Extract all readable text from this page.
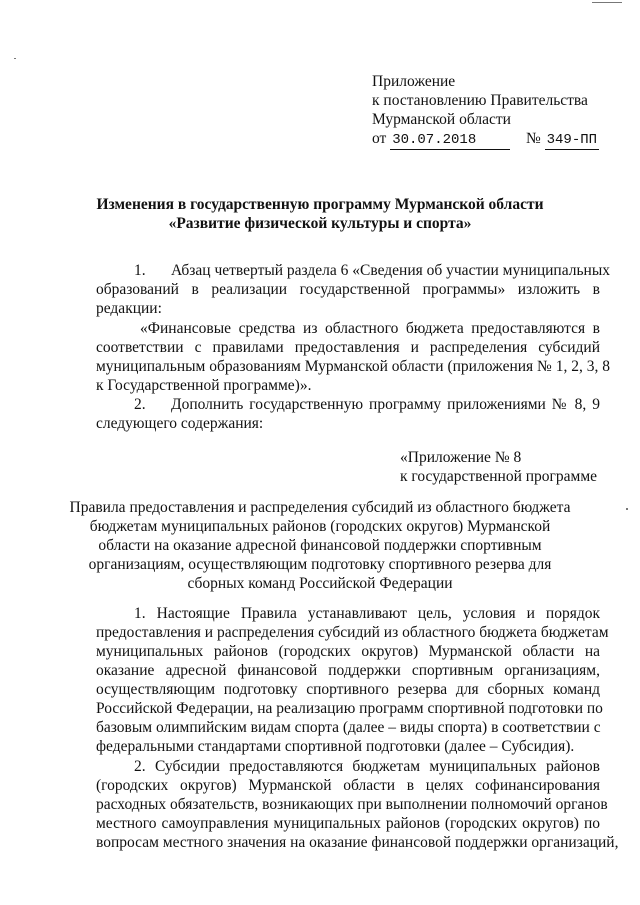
Приложение
к постановлению Правительства
Мурманской области
от 30.07.2018	№ 349-ПП
Изменения в государственную программу Мурманской области
«Развитие физической культуры и спорта»
1. Абзац четвертый раздела 6 «Сведения об участии муниципальных
образований в реализации государственной программы» изложить в
редакции:
«Финансовые средства из областного бюджета предоставляются в
соответствии с правилами предоставления и распределения субсидий
муниципальным образованиям Мурманской области (приложения № 1, 2, 3, 8
к Государственной программе)».
2. Дополнить государственную программу приложениями № 8, 9
следующего содержания:
«Приложение № 8
к государственной программе
Правила предоставления и распределения субсидий из областного бюджета
бюджетам муниципальных районов (городских округов) Мурманской
области на оказание адресной финансовой поддержки спортивным
организациям, осуществляющим подготовку спортивного резерва для
сборных команд Российской Федерации
1. Настоящие Правила устанавливают цель, условия и порядок
предоставления и распределения субсидий из областного бюджета бюджетам
муниципальных районов (городских округов) Мурманской области на
оказание адресной финансовой поддержки спортивным организациям,
осуществляющим подготовку спортивного резерва для сборных команд
Российской Федерации, на реализацию программ спортивной подготовки по
базовым олимпийским видам спорта (далее – виды спорта) в соответствии с
федеральными стандартами спортивной подготовки (далее – Субсидия).
2. Субсидии предоставляются бюджетам муниципальных районов
(городских округов) Мурманской области в целях софинансирования
расходных обязательств, возникающих при выполнении полномочий органов
местного самоуправления муниципальных районов (городских округов) по
вопросам местного значения на оказание финансовой поддержки организаций,
